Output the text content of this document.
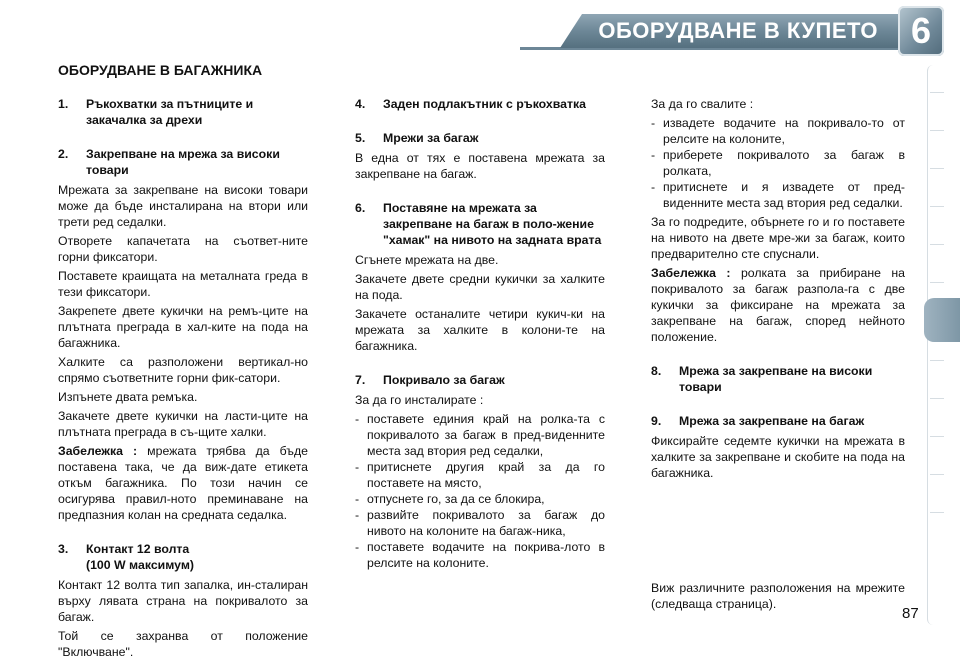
ОБОРУДВАНЕ В КУПЕТО 6
ОБОРУДВАНЕ В БАГАЖНИКА
1.	Ръкохватки за пътниците и закачалка за дрехи
2.	Закрепване на мрежа за високи товари

Мрежата за закрепване на високи товари може да бъде инсталирана на втори или трети ред седалки.

Отворете капачетата на съответ-ните горни фиксатори.

Поставете краищата на металната греда в тези фиксатори.

Закрепете двете кукички на ремъ-ците на плътната преграда в хал-ките на пода на багажника.

Халките са разположени вертикал-но спрямо съответните горни фик-сатори.

Изпънете двата ремъка.

Закачете двете кукички на ласти-ците на плътната преграда в съ-щите халки.

Забележка : мрежата трябва да бъде поставена така, че да виж-дате етикета откъм багажника. По този начин се осигурява правил-ното преминаване на предпазния колан на средната седалка.

3.	Контакт 12 волта
(100 W максимум)

Контакт 12 волта тип запалка, ин-сталиран върху лявата страна на покривалото за багаж.

Той се захранва от положение "Включване".

4.	Заден подлакътник с ръкохватка
5.	Мрежи за багаж

В една от тях е поставена мрежата за закрепване на багаж.

6.	Поставяне на мрежата за закрепване на багаж в поло-жение "хамак" на нивото на задната врата

Сгънете мрежата на две.

Закачете двете средни кукички за халките на пода.

Закачете останалите четири кукич-ки на мрежата за халките в колони-те на багажника.

7.	Покривало за багаж

За да го инсталирате :

- поставете единия край на ролка-та с покривалото за багаж в пред-виденните места зад втория ред седалки,
- притиснете другия край за да го поставете на място,
- отпуснете го, за да се блокира,
- развийте покривалото за багаж до нивото на колоните на багаж-ника,
- поставете водачите на покрива-лото в релсите на колоните.

За да го свалите :

- извадете водачите на покривало-то от релсите на колоните,
- приберете покривалото за багаж в ролката,
- притиснете и я извадете от пред-виденните места зад втория ред седалки.

За го подредите, объpнете го и го поставете на нивото на двете мре-жи за багаж, които предварително сте спуснали.

Забележка : ролката за прибиране на покривалото за багаж разпола-га с две кукички за фиксиране на мрежата за закрепване на багаж, според нейното положение.

8.	Мрежа за закрепване на високи товари
9.	Мрежа за закрепване на багаж

Фиксирайте седемте кукички на мрежата в халките за закрепване и скобите на пода на багажника.

Виж различните разположения на мрежите (следваща страница).

87
